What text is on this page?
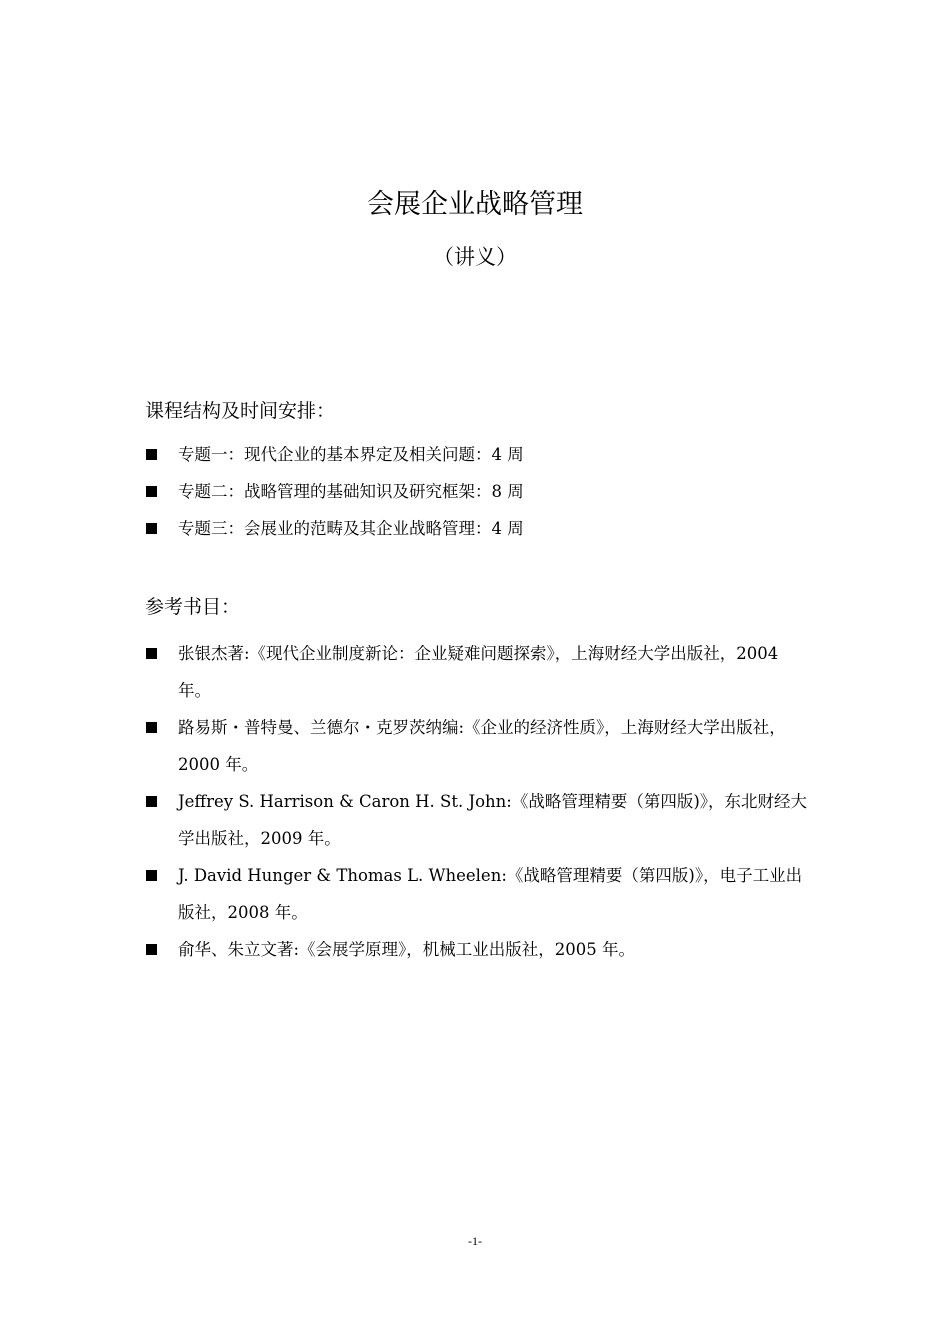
会展企业战略管理
（讲义）
课程结构及时间安排：
专题一：现代企业的基本界定及相关问题：4 周
专题二：战略管理的基础知识及研究框架：8 周
专题三：会展业的范畴及其企业战略管理：4 周
参考书目：
张银杰著:《现代企业制度新论：企业疑难问题探索》，上海财经大学出版社，2004 年。
路易斯・普特曼、兰德尔・克罗茨纳编:《企业的经济性质》，上海财经大学出版社，2000 年。
Jeffrey S. Harrison & Caron H. St. John:《战略管理精要（第四版)》，东北财经大学出版社，2009 年。
J. David Hunger & Thomas L. Wheelen:《战略管理精要（第四版)》，电子工业出版社，2008 年。
俞华、朱立文著:《会展学原理》，机械工业出版社，2005 年。
-1-
